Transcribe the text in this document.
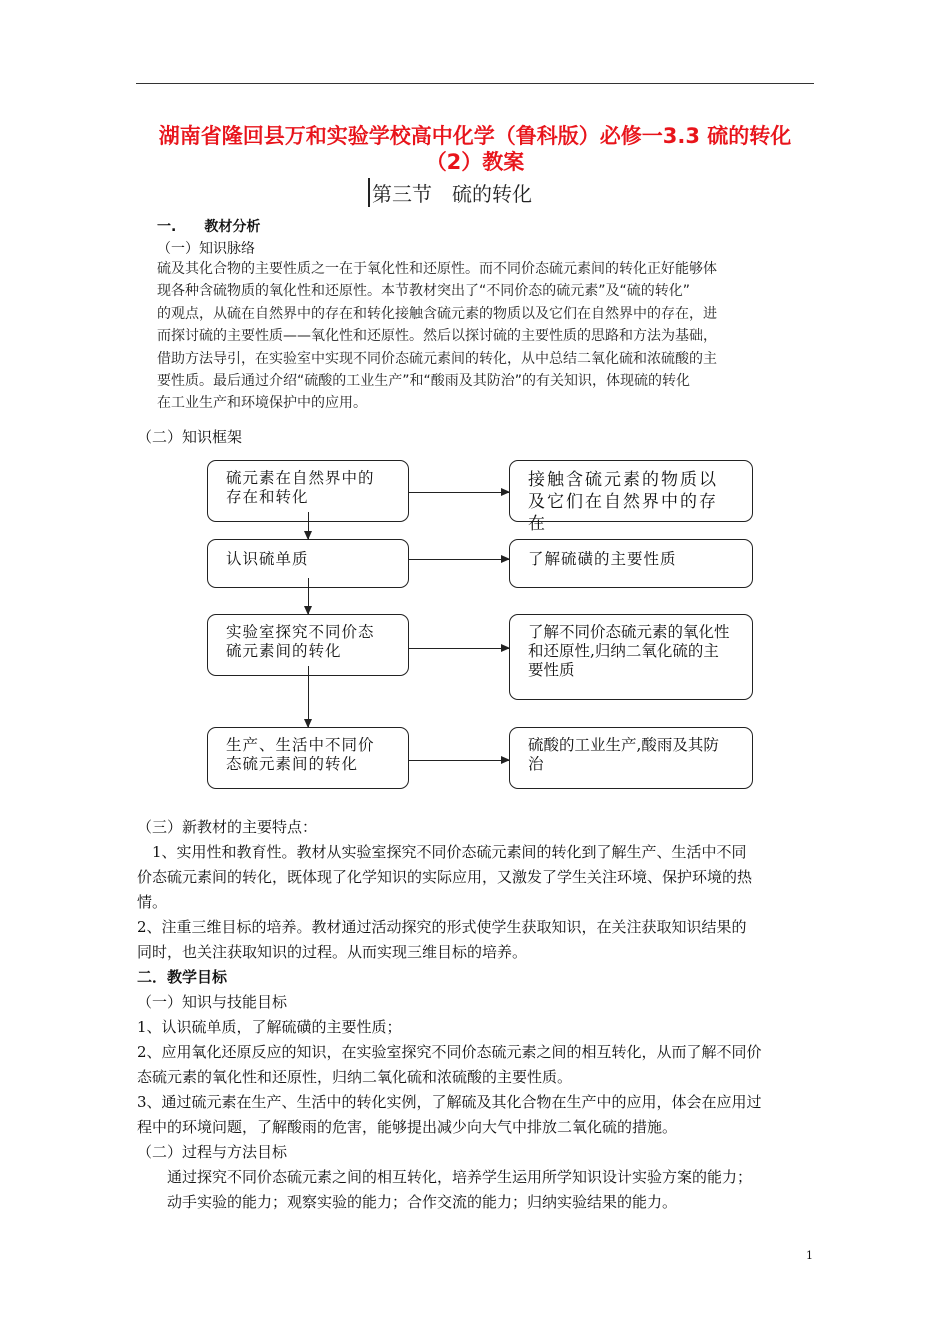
湖南省隆回县万和实验学校高中化学（鲁科版）必修一3.3 硫的转化
（2）教案
第三节　硫的转化
一.　　教材分析
（一）知识脉络
硫及其化合物的主要性质之一在于氧化性和还原性。而不同价态硫元素间的转化正好能够体
现各种含硫物质的氧化性和还原性。本节教材突出了“不同价态的硫元素”及“硫的转化”
的观点，从硫在自然界中的存在和转化接触含硫元素的物质以及它们在自然界中的存在，进
而探讨硫的主要性质——氧化性和还原性。然后以探讨硫的主要性质的思路和方法为基础，
借助方法导引，在实验室中实现不同价态硫元素间的转化，从中总结二氧化硫和浓硫酸的主
要性质。最后通过介绍“硫酸的工业生产”和“酸雨及其防治”的有关知识，体现硫的转化
在工业生产和环境保护中的应用。
（二）知识框架
硫元素在自然界中的存在和转化
认识硫单质
实验室探究不同价态硫元素间的转化
生产、生活中不同价态硫元素间的转化
接触含硫元素的物质以及它们在自然界中的存在
了解硫磺的主要性质
了解不同价态硫元素的氧化性和还原性,归纳二氧化硫的主要性质
硫酸的工业生产,酸雨及其防治
（三）新教材的主要特点：
　1、实用性和教育性。教材从实验室探究不同价态硫元素间的转化到了解生产、生活中不同
价态硫元素间的转化，既体现了化学知识的实际应用，又激发了学生关注环境、保护环境的热
情。
2、注重三维目标的培养。教材通过活动探究的形式使学生获取知识，在关注获取知识结果的
同时，也关注获取知识的过程。从而实现三维目标的培养。
二．教学目标
（一）知识与技能目标
1、认识硫单质，了解硫磺的主要性质；
2、应用氧化还原反应的知识，在实验室探究不同价态硫元素之间的相互转化，从而了解不同价
态硫元素的氧化性和还原性，归纳二氧化硫和浓硫酸的主要性质。
3、通过硫元素在生产、生活中的转化实例，了解硫及其化合物在生产中的应用，体会在应用过
程中的环境问题，了解酸雨的危害，能够提出减少向大气中排放二氧化硫的措施。
（二）过程与方法目标
　　通过探究不同价态硫元素之间的相互转化，培养学生运用所学知识设计实验方案的能力；
　　动手实验的能力；观察实验的能力；合作交流的能力；归纳实验结果的能力。
1
